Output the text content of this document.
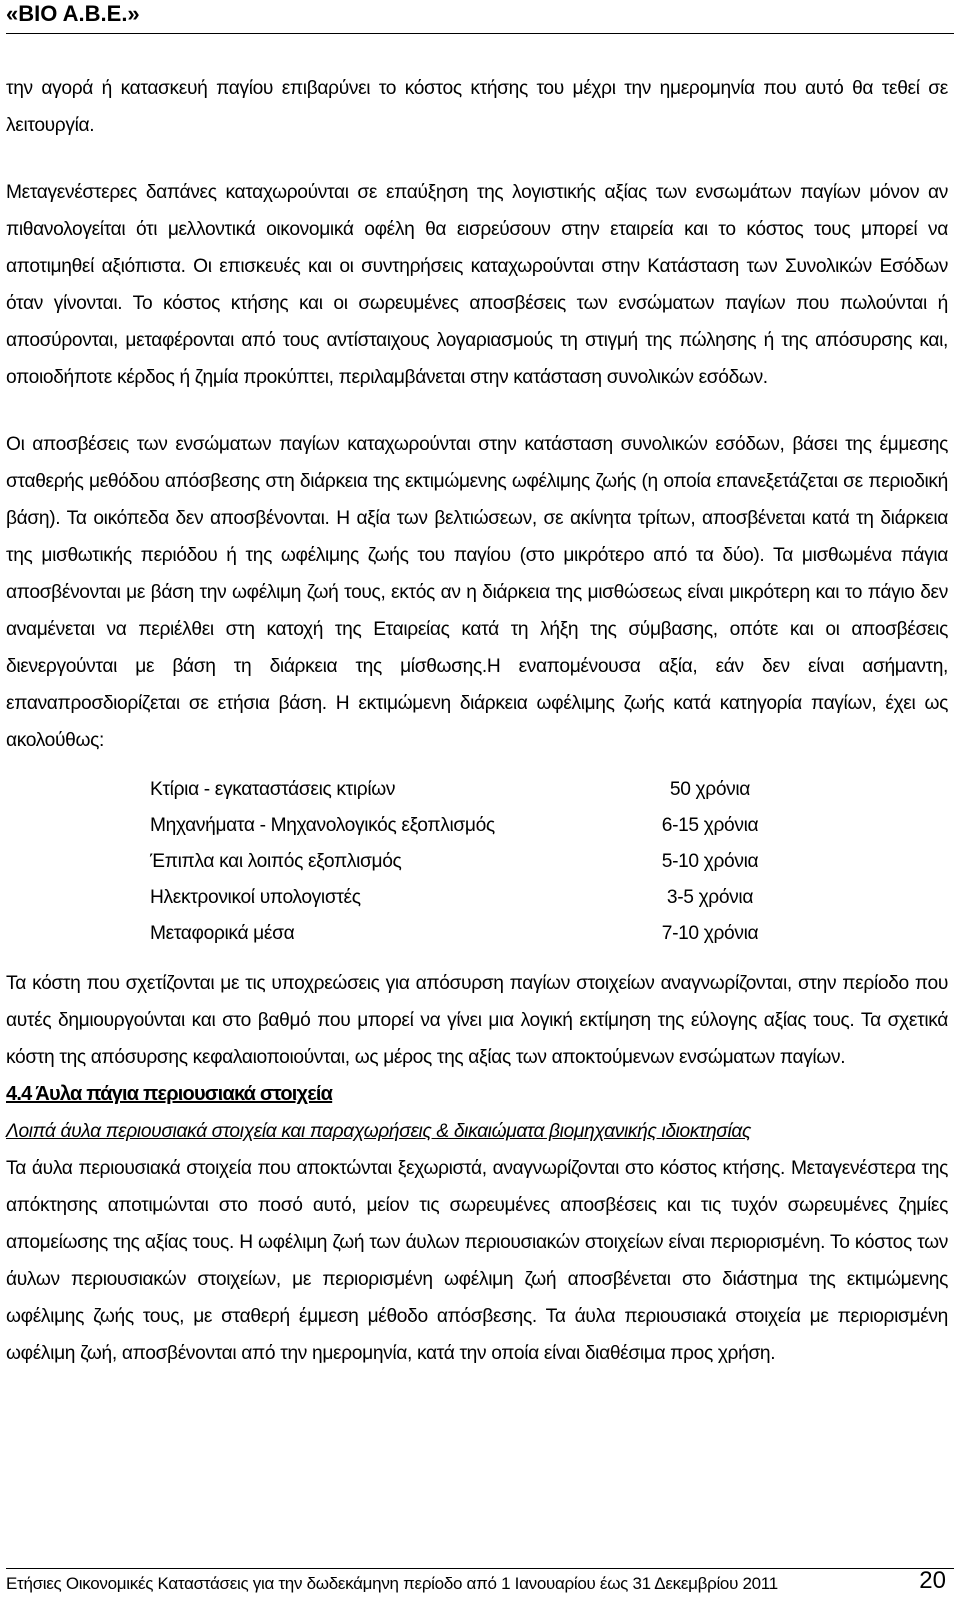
«ΒΙΟ Α.Β.Ε.»

την αγορά ή κατασκευή παγίου επιβαρύνει το κόστος κτήσης του μέχρι την ημερομηνία που αυτό θα τεθεί σε λειτουργία.

Μεταγενέστερες δαπάνες καταχωρούνται σε επαύξηση της λογιστικής αξίας των ενσωμάτων παγίων μόνον αν πιθανολογείται ότι μελλοντικά οικονομικά οφέλη θα εισρεύσουν στην εταιρεία και το κόστος τους μπορεί να αποτιμηθεί αξιόπιστα. Οι επισκευές και οι συντηρήσεις καταχωρούνται στην Κατάσταση των Συνολικών Εσόδων όταν γίνονται. Το κόστος κτήσης και οι σωρευμένες αποσβέσεις των ενσώματων παγίων που πωλούνται ή αποσύρονται, μεταφέρονται από τους αντίσταιχους λογαριασμούς τη στιγμή της πώλησης ή της απόσυρσης και, οποιοδήποτε κέρδος ή ζημία προκύπτει, περιλαμβάνεται στην κατάσταση συνολικών εσόδων.

Οι αποσβέσεις των ενσώματων παγίων καταχωρούνται στην κατάσταση συνολικών εσόδων, βάσει της έμμεσης σταθερής μεθόδου απόσβεσης στη διάρκεια της εκτιμώμενης ωφέλιμης ζωής (η οποία επανεξετάζεται σε περιοδική βάση). Τα οικόπεδα δεν αποσβένονται. Η αξία των βελτιώσεων, σε ακίνητα τρίτων, αποσβένεται κατά τη διάρκεια της μισθωτικής περιόδου ή της ωφέλιμης ζωής του παγίου (στο μικρότερο από τα δύο). Τα μισθωμένα πάγια αποσβένονται με βάση την ωφέλιμη ζωή τους, εκτός αν η διάρκεια της μισθώσεως είναι μικρότερη και το πάγιο δεν αναμένεται να περιέλθει στη κατοχή της Εταιρείας κατά τη λήξη της σύμβασης, οπότε και οι αποσβέσεις διενεργούνται με βάση τη διάρκεια της μίσθωσης.Η εναπομένουσα αξία, εάν δεν είναι ασήμαντη, επαναπροσδιορίζεται σε ετήσια βάση. Η εκτιμώμενη διάρκεια ωφέλιμης ζωής κατά κατηγορία παγίων, έχει ως ακολούθως:

Κτίρια - εγκαταστάσεις κτιρίων	50 χρόνια
Μηχανήματα - Μηχανολογικός εξοπλισμός	6-15 χρόνια
Έπιπλα και λοιπός εξοπλισμός	5-10 χρόνια
Ηλεκτρονικοί υπολογιστές	3-5 χρόνια
Μεταφορικά μέσα	7-10 χρόνια

Τα κόστη που σχετίζονται με τις υποχρεώσεις για απόσυρση παγίων στοιχείων αναγνωρίζονται, στην περίοδο που αυτές δημιουργούνται και στο βαθμό που μπορεί να γίνει μια λογική εκτίμηση της εύλογης αξίας τους. Τα σχετικά κόστη της απόσυρσης κεφαλαιοποιούνται, ως μέρος της αξίας των αποκτούμενων ενσώματων παγίων.

4.4 Άυλα πάγια περιουσιακά στοιχεία

Λοιπά άυλα περιουσιακά στοιχεία και παραχωρήσεις & δικαιώματα βιομηχανικής ιδιοκτησίας

Τα άυλα περιουσιακά στοιχεία που αποκτώνται ξεχωριστά, αναγνωρίζονται στο κόστος κτήσης. Μεταγενέστερα της απόκτησης αποτιμώνται στο ποσό αυτό, μείον τις σωρευμένες αποσβέσεις και τις τυχόν σωρευμένες ζημίες απομείωσης της αξίας τους. Η ωφέλιμη ζωή των άυλων περιουσιακών στοιχείων είναι περιορισμένη. Το κόστος των άυλων περιουσιακών στοιχείων, με περιορισμένη ωφέλιμη ζωή αποσβένεται στο διάστημα της εκτιμώμενης ωφέλιμης ζωής τους, με σταθερή έμμεση μέθοδο απόσβεσης. Τα άυλα περιουσιακά στοιχεία με περιορισμένη ωφέλιμη ζωή, αποσβένονται από την ημερομηνία, κατά την οποία είναι διαθέσιμα προς χρήση.

Ετήσιες Οικονομικές Καταστάσεις για την δωδεκάμηνη περίοδο από 1 Ιανουαρίου έως 31 Δεκεμβρίου 2011	20
